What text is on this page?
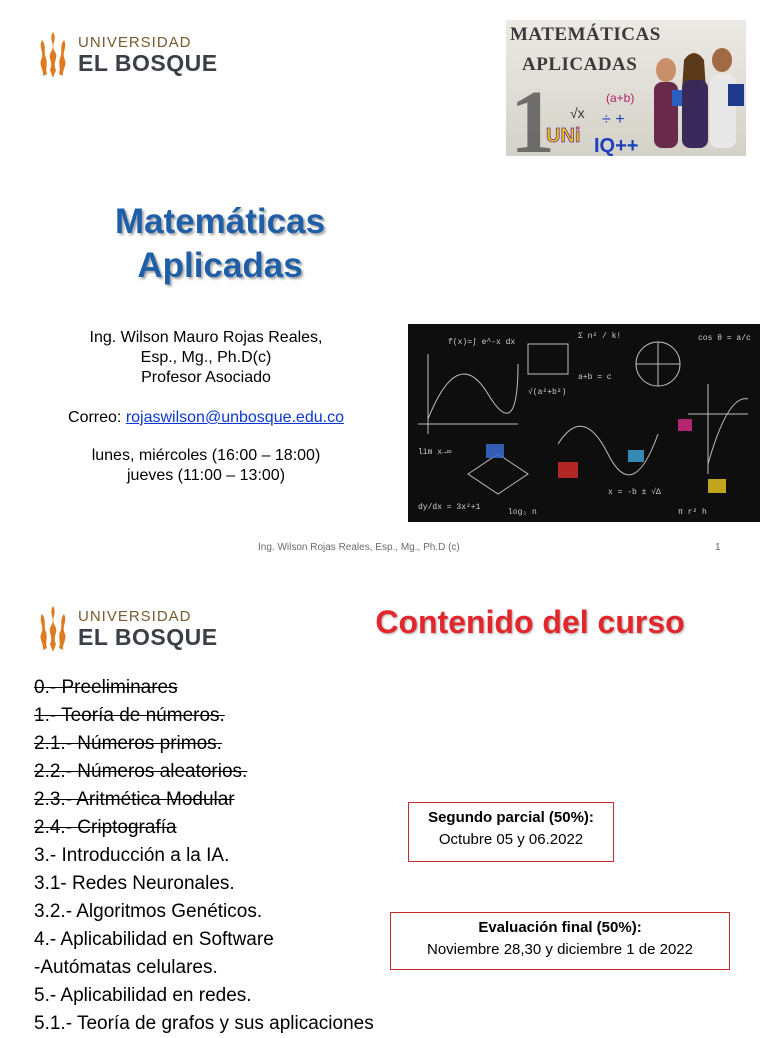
UNIVERSIDAD
EL BOSQUE
MATEMÁTICAS
APLICADAS
1 √x
(a+b)
÷ +
UNi IQ++
Matemáticas
Aplicadas

Ing. Wilson Mauro Rojas Reales,

Esp., Mg., Ph.D(c)

Profesor Asociado

Correo: rojaswilson@unbosque.edu.co

lunes, miércoles (16:00 – 18:00)

jueves (11:00 – 13:00)

f(x)=∫ e^-x dx
Σ n² / k!	cos θ = a/c
√(a²+b²)
lim x→∞
x = -b ± √Δ
dy/dx = 3x²+1
π r² h
a+b = c
log₂ n
Ing. Wilson Rojas Reales, Esp., Mg., Ph.D (c)	1
UNIVERSIDAD
EL BOSQUE	Contenido del curso
0.- Preeliminares
1.- Teoría de números.
2.1.- Números primos.
2.2.- Números aleatorios.
2.3.- Aritmética Modular
2.4.- Criptografía
3.- Introducción a la IA.
3.1- Redes Neuronales.
3.2.- Algoritmos Genéticos.
4.- Aplicabilidad en Software
-Autómatas celulares.
5.- Aplicabilidad en redes.
5.1.- Teoría de grafos y sus aplicaciones
Segundo parcial (50%):
Octubre 05 y 06.2022
Evaluación final (50%):
Noviembre 28,30 y diciembre 1 de 2022
